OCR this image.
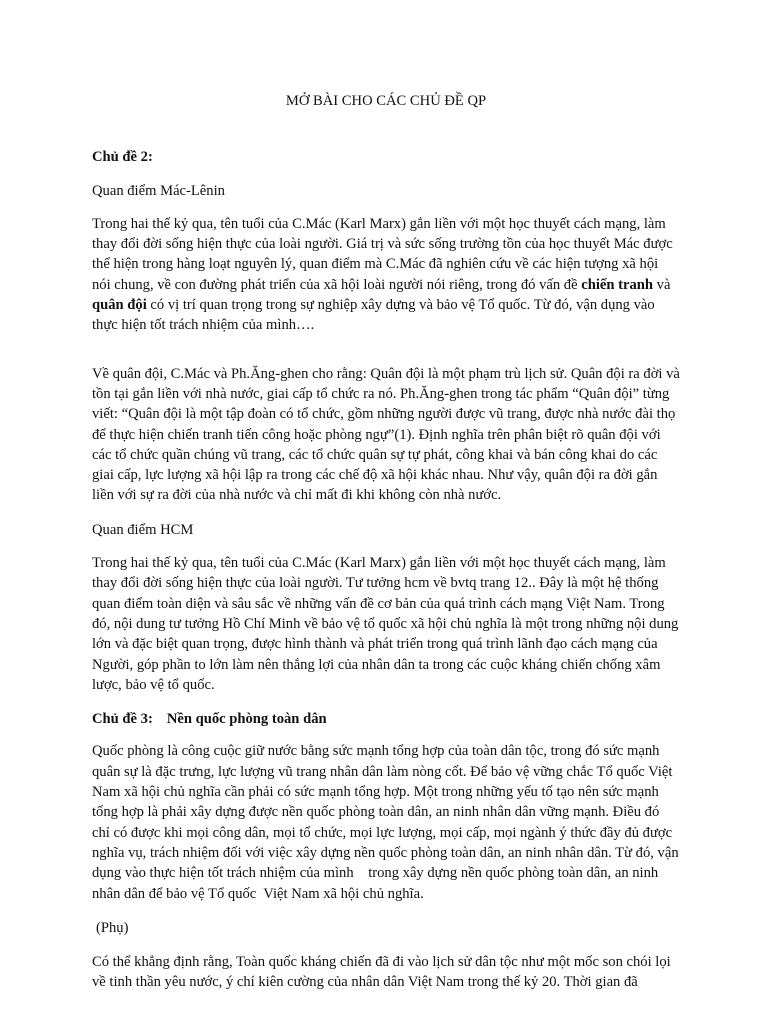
MỞ BÀI CHO CÁC CHỦ ĐỀ QP
Chủ đề 2:
Quan điểm Mác-Lênin

Trong hai thế kỷ qua, tên tuổi của C.Mác (Karl Marx) gắn liền với một học thuyết cách mạng, làm thay đổi đời sống hiện thực của loài người. Giá trị và sức sống trường tồn của học thuyết Mác được thể hiện trong hàng loạt nguyên lý, quan điểm mà C.Mác đã nghiên cứu về các hiện tượng xã hội nói chung, về con đường phát triển của xã hội loài người nói riêng, trong đó vấn đề chiến tranh và quân đội có vị trí quan trọng trong sự nghiệp xây dựng và bảo vệ Tổ quốc. Từ đó, vận dụng vào thực hiện tốt trách nhiệm của mình….

Về quân đội, C.Mác và Ph.Ăng-ghen cho rằng: Quân đội là một phạm trù lịch sử. Quân đội ra đời và tồn tại gắn liền với nhà nước, giai cấp tổ chức ra nó. Ph.Ăng-ghen trong tác phẩm “Quân đội” từng viết: “Quân đội là một tập đoàn có tổ chức, gồm những người được vũ trang, được nhà nước đài thọ để thực hiện chiến tranh tiến công hoặc phòng ngự”(1). Định nghĩa trên phân biệt rõ quân đội với các tổ chức quần chúng vũ trang, các tổ chức quân sự tự phát, công khai và bán công khai do các giai cấp, lực lượng xã hội lập ra trong các chế độ xã hội khác nhau. Như vậy, quân đội ra đời gắn liền với sự ra đời của nhà nước và chỉ mất đi khi không còn nhà nước.

Quan điểm HCM

Trong hai thế kỷ qua, tên tuổi của C.Mác (Karl Marx) gắn liền với một học thuyết cách mạng, làm thay đổi đời sống hiện thực của loài người. Tư tưởng hcm về bvtq trang 12.. Đây là một hệ thống quan điểm toàn diện và sâu sắc về những vấn đề cơ bản của quá trình cách mạng Việt Nam. Trong đó, nội dung tư tưởng Hồ Chí Minh về bảo vệ tổ quốc xã hội chủ nghĩa là một trong những nội dung lớn và đặc biệt quan trọng, được hình thành và phát triển trong quá trình lãnh đạo cách mạng của Người, góp phần to lớn làm nên thắng lợi của nhân dân ta trong các cuộc kháng chiến chống xâm lược, bảo vệ tổ quốc.

Chủ đề 3: Nền quốc phòng toàn dân

Quốc phòng là công cuộc giữ nước bằng sức mạnh tổng hợp của toàn dân tộc, trong đó sức mạnh quân sự là đặc trưng, lực lượng vũ trang nhân dân làm nòng cốt. Để bảo vệ vững chắc Tổ quốc Việt Nam xã hội chủ nghĩa cần phải có sức mạnh tổng hợp. Một trong những yếu tố tạo nên sức mạnh tổng hợp là phải xây dựng được nền quốc phòng toàn dân, an ninh nhân dân vững mạnh. Điều đó chỉ có được khi mọi công dân, mọi tổ chức, mọi lực lượng, mọi cấp, mọi ngành ý thức đầy đủ được nghĩa vụ, trách nhiệm đối với việc xây dựng nền quốc phòng toàn dân, an ninh nhân dân. Từ đó, vận dụng vào thực hiện tốt trách nhiệm của mình    trong xây dựng nền quốc phòng toàn dân, an ninh nhân dân để bảo vệ Tổ quốc  Việt Nam xã hội chủ nghĩa.

(Phụ)

Có thể khẳng định rằng, Toàn quốc kháng chiến đã đi vào lịch sử dân tộc như một mốc son chói lọi về tinh thần yêu nước, ý chí kiên cường của nhân dân Việt Nam trong thế kỷ 20. Thời gian đã
